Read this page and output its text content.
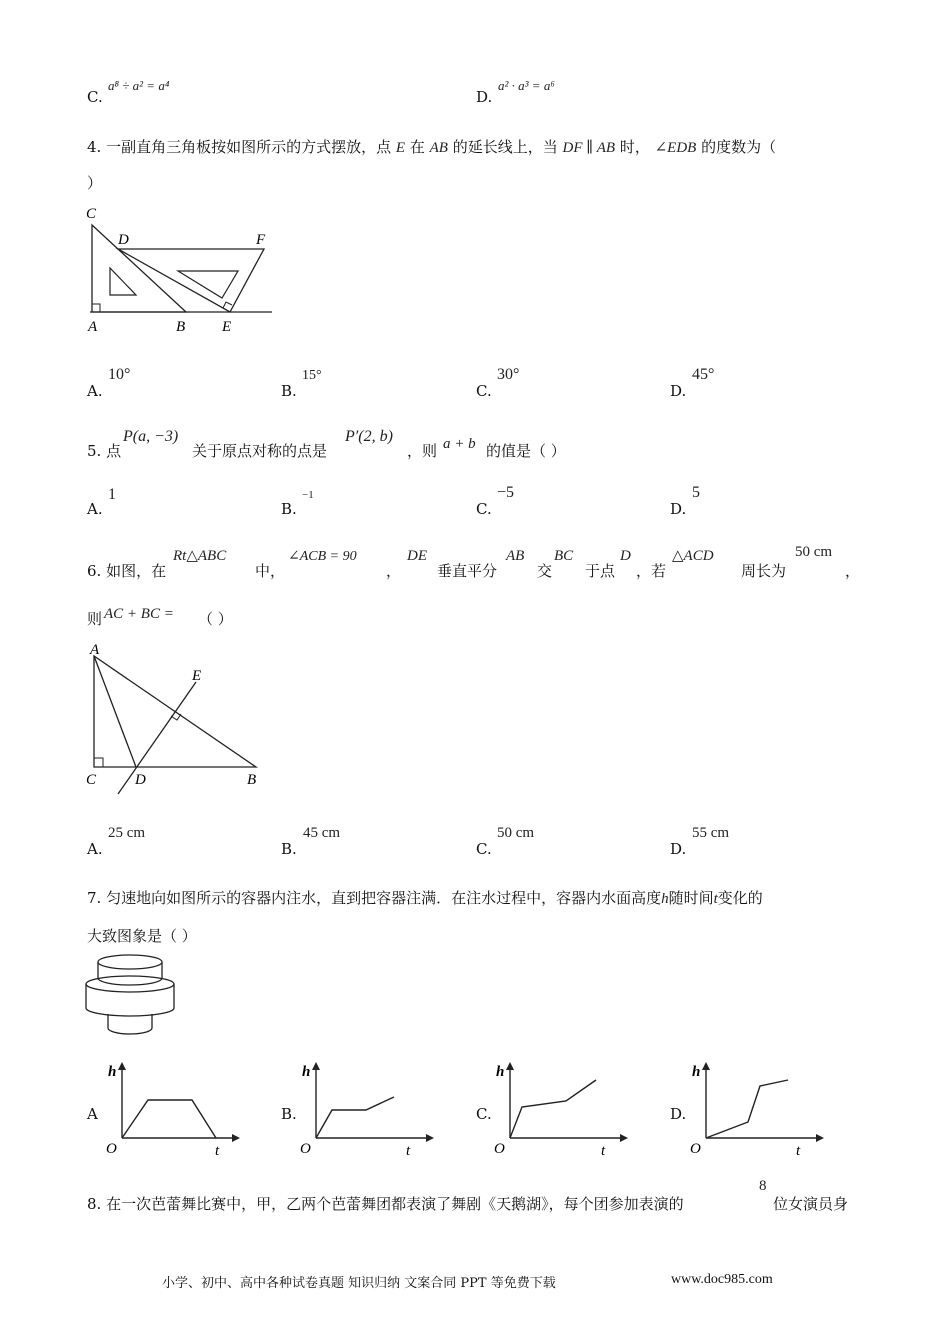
C.
a⁸ ÷ a² = a⁴
D.
a² · a³ = a⁶
4. 一副直角三角板按如图所示的方式摆放，点 E 在 AB 的延长线上，当 DF ∥ AB 时， ∠EDB 的度数为（
）
C
D	F
A	B E
A.
10°
B.
15°
C.
30°
D.
45°
5. 点
P(a, −3)
关于原点对称的点是
P′(2, b)
，则 a + b 的值是（ ）
A.
1
B.
−1
C.
−5
D.
5
6. 如图，在
Rt△ABC
中，
∠ACB = 90
，
DE
垂直平分
AB
交
BC
于点
D
，若
△ACD
周长为
50 cm
，
则 AC + BC = （ ）
A
E
C	D	B
A.
25 cm
B.
45 cm
C.
50 cm
D.
55 cm
7. 匀速地向如图所示的容器内注水，直到把容器注满．在注水过程中，容器内水面高度h随时间t变化的
大致图象是（ ）
A
h
O	t
B.
h
O	t
C.
h
O	t
D.
h
O	t
8. 在一次芭蕾舞比赛中，甲，乙两个芭蕾舞团都表演了舞剧《天鹅湖》，每个团参加表演的
8
位女演员身
小学、初中、高中各种试卷真题 知识归纳 文案合同 PPT 等免费下载	www.doc985.com
